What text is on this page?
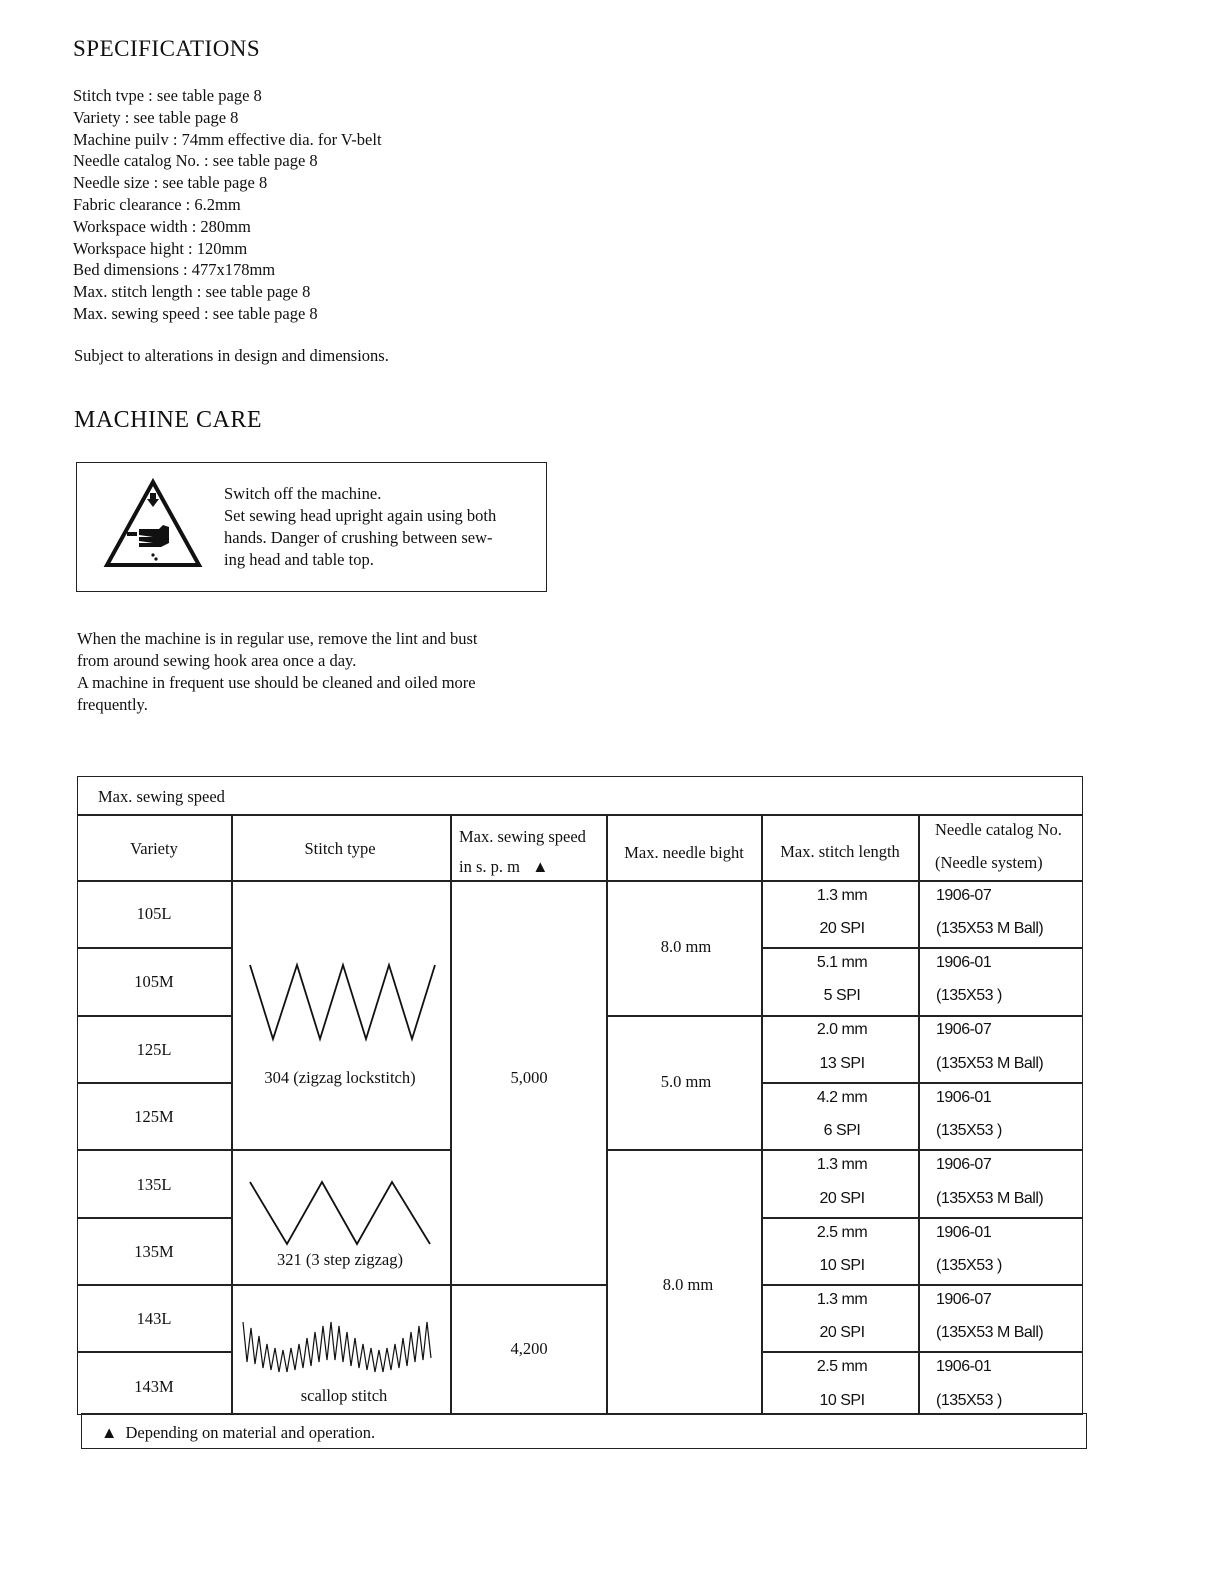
SPECIFICATIONS
Stitch tvpe : see table page 8
Variety : see table page 8
Machine puilv : 74mm effective dia. for V-belt
Needle catalog No. : see table page 8
Needle size : see table page 8
Fabric clearance : 6.2mm
Workspace width : 280mm
Workspace hight : 120mm
Bed dimensions : 477x178mm
Max. stitch length : see table page 8
Max. sewing speed : see table page 8
Subject to alterations in design and dimensions.
MACHINE CARE
Switch off the machine.
Set sewing head upright again using both
hands. Danger of crushing between sew-
ing head and table top.
When the machine is in regular use, remove the lint and bust
from around sewing hook area once a day.
A machine in frequent use should be cleaned and oiled more
frequently.
Max. sewing speed
Variety	Stitch type
Max. sewing speed
in s. p. m ▲
Max. needle bight Max. stitch length
Needle catalog No.
(Needle system)
105L
105M
125L
125M
135L
135M
143L
143M
304 (zigzag lockstitch)
321 (3 step zigzag)
scallop stitch
5,000
4,200
8.0 mm
5.0 mm
8.0 mm
1.3 mm
20 SPI
5.1 mm
5 SPI
2.0 mm
13 SPI
4.2 mm
6 SPI
1.3 mm
20 SPI
2.5 mm
10 SPI
1.3 mm
20 SPI
2.5 mm
10 SPI
1906-07
(135X53 M Ball)
1906-01
(135X53 )
1906-07
(135X53 M Ball)
1906-01
(135X53 )
1906-07
(135X53 M Ball)
1906-01
(135X53 )
1906-07
(135X53 M Ball)
1906-01
(135X53 )
▲ Depending on material and operation.
